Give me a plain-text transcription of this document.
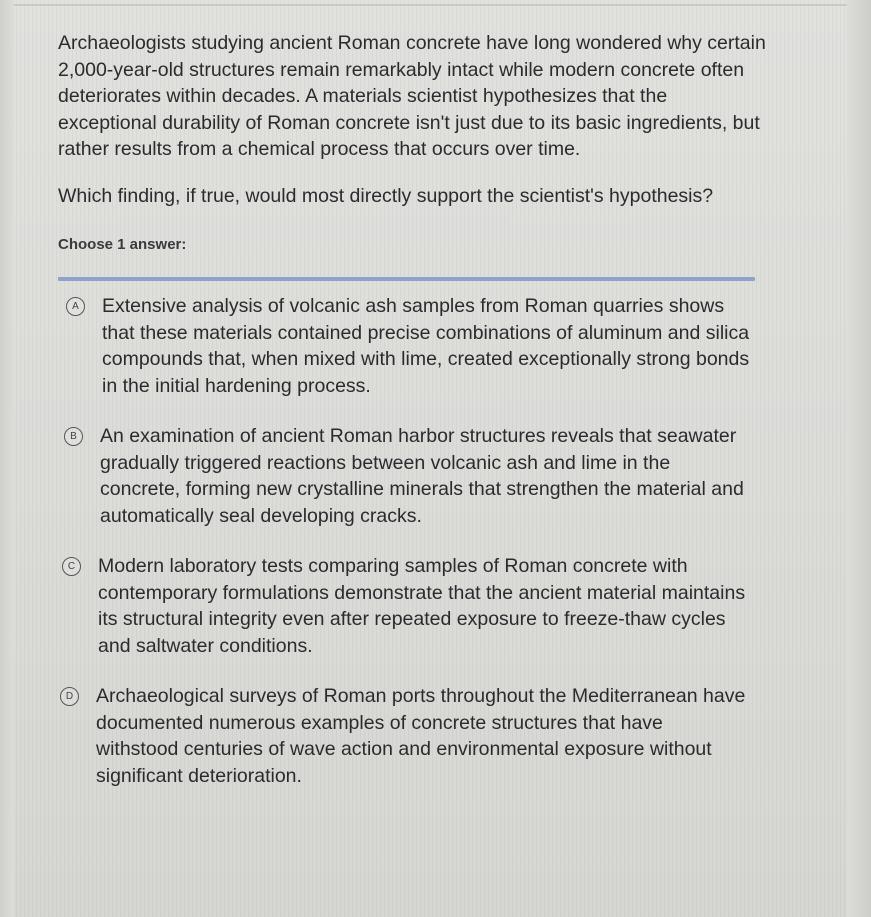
Archaeologists studying ancient Roman concrete have long wondered why certain 2,000-year-old structures remain remarkably intact while modern concrete often deteriorates within decades. A materials scientist hypothesizes that the exceptional durability of Roman concrete isn't just due to its basic ingredients, but rather results from a chemical process that occurs over time.

Which finding, if true, would most directly support the scientist's hypothesis?

Choose 1 answer:
A	Extensive analysis of volcanic ash samples from Roman quarries shows that these materials contained precise combinations of aluminum and silica compounds that, when mixed with lime, created exceptionally strong bonds in the initial hardening process.
B	An examination of ancient Roman harbor structures reveals that seawater gradually triggered reactions between volcanic ash and lime in the concrete, forming new crystalline minerals that strengthen the material and automatically seal developing cracks.
C	Modern laboratory tests comparing samples of Roman concrete with contemporary formulations demonstrate that the ancient material maintains its structural integrity even after repeated exposure to freeze-thaw cycles and saltwater conditions.
D	Archaeological surveys of Roman ports throughout the Mediterranean have documented numerous examples of concrete structures that have withstood centuries of wave action and environmental exposure without significant deterioration.
